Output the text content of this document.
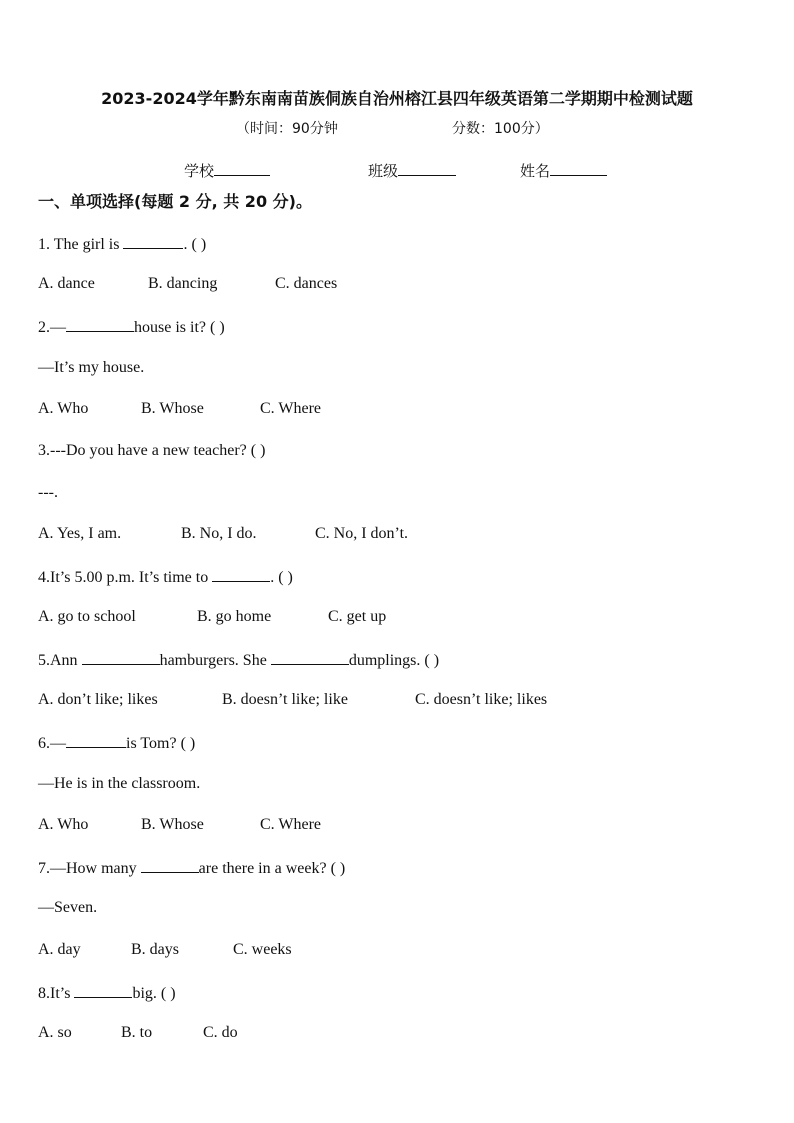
2023-2024学年黔东南南苗族侗族自治州榕江县四年级英语第二学期期中检测试题
（时间：90分钟	分数：100分）
学校	班级	姓名
一、单项选择(每题 2 分, 共 20 分)。
1. The girl is	. ( )
A. dance	B. dancing	C. dances
2.—	house is it? ( )
—It’s my house.
A. Who	B. Whose	C. Where
3.---Do you have a new teacher? ( )
---.
A. Yes, I am.	B. No, I do.	C. No, I don’t.
4.It’s 5.00 p.m. It’s time to	. ( )
A. go to school	B. go home	C. get up
5.Ann	hamburgers. She	dumplings. ( )
A. don’t like; likes	B. doesn’t like; like	C. doesn’t like; likes
6.—	is Tom? ( )
—He is in the classroom.
A. Who	B. Whose	C. Where
7.—How many	are there in a week? ( )
—Seven.
A. day	B. days	C. weeks
8.It’s	big. ( )
A. so	B. to	C. do
